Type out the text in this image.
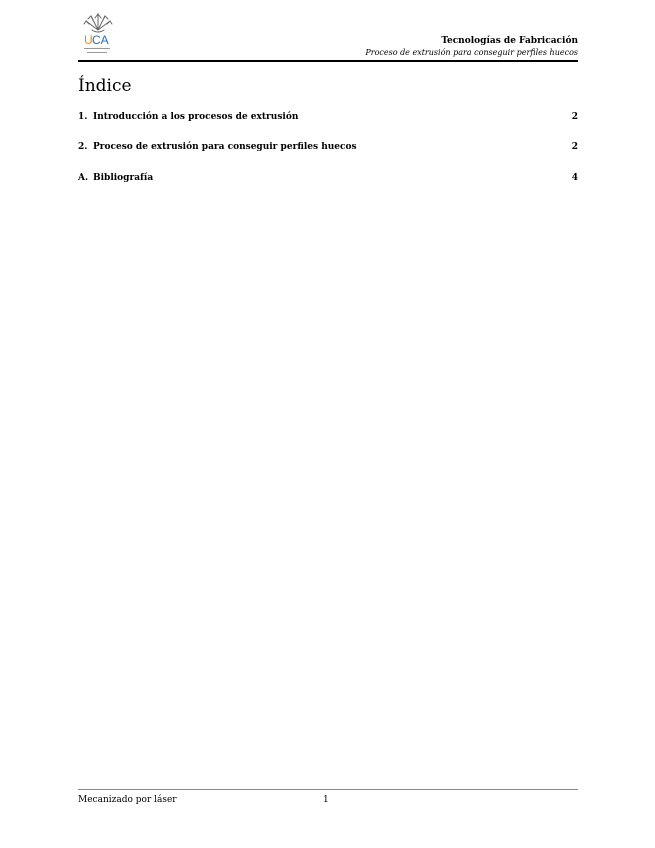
U CA	Tecnologías de Fabricación
Proceso de extrusión para conseguir perfiles huecos
Índice
1. Introducción a los procesos de extrusión	2
2. Proceso de extrusión para conseguir perfiles huecos	2
A. Bibliografía	4
Mecanizado por láser	1
